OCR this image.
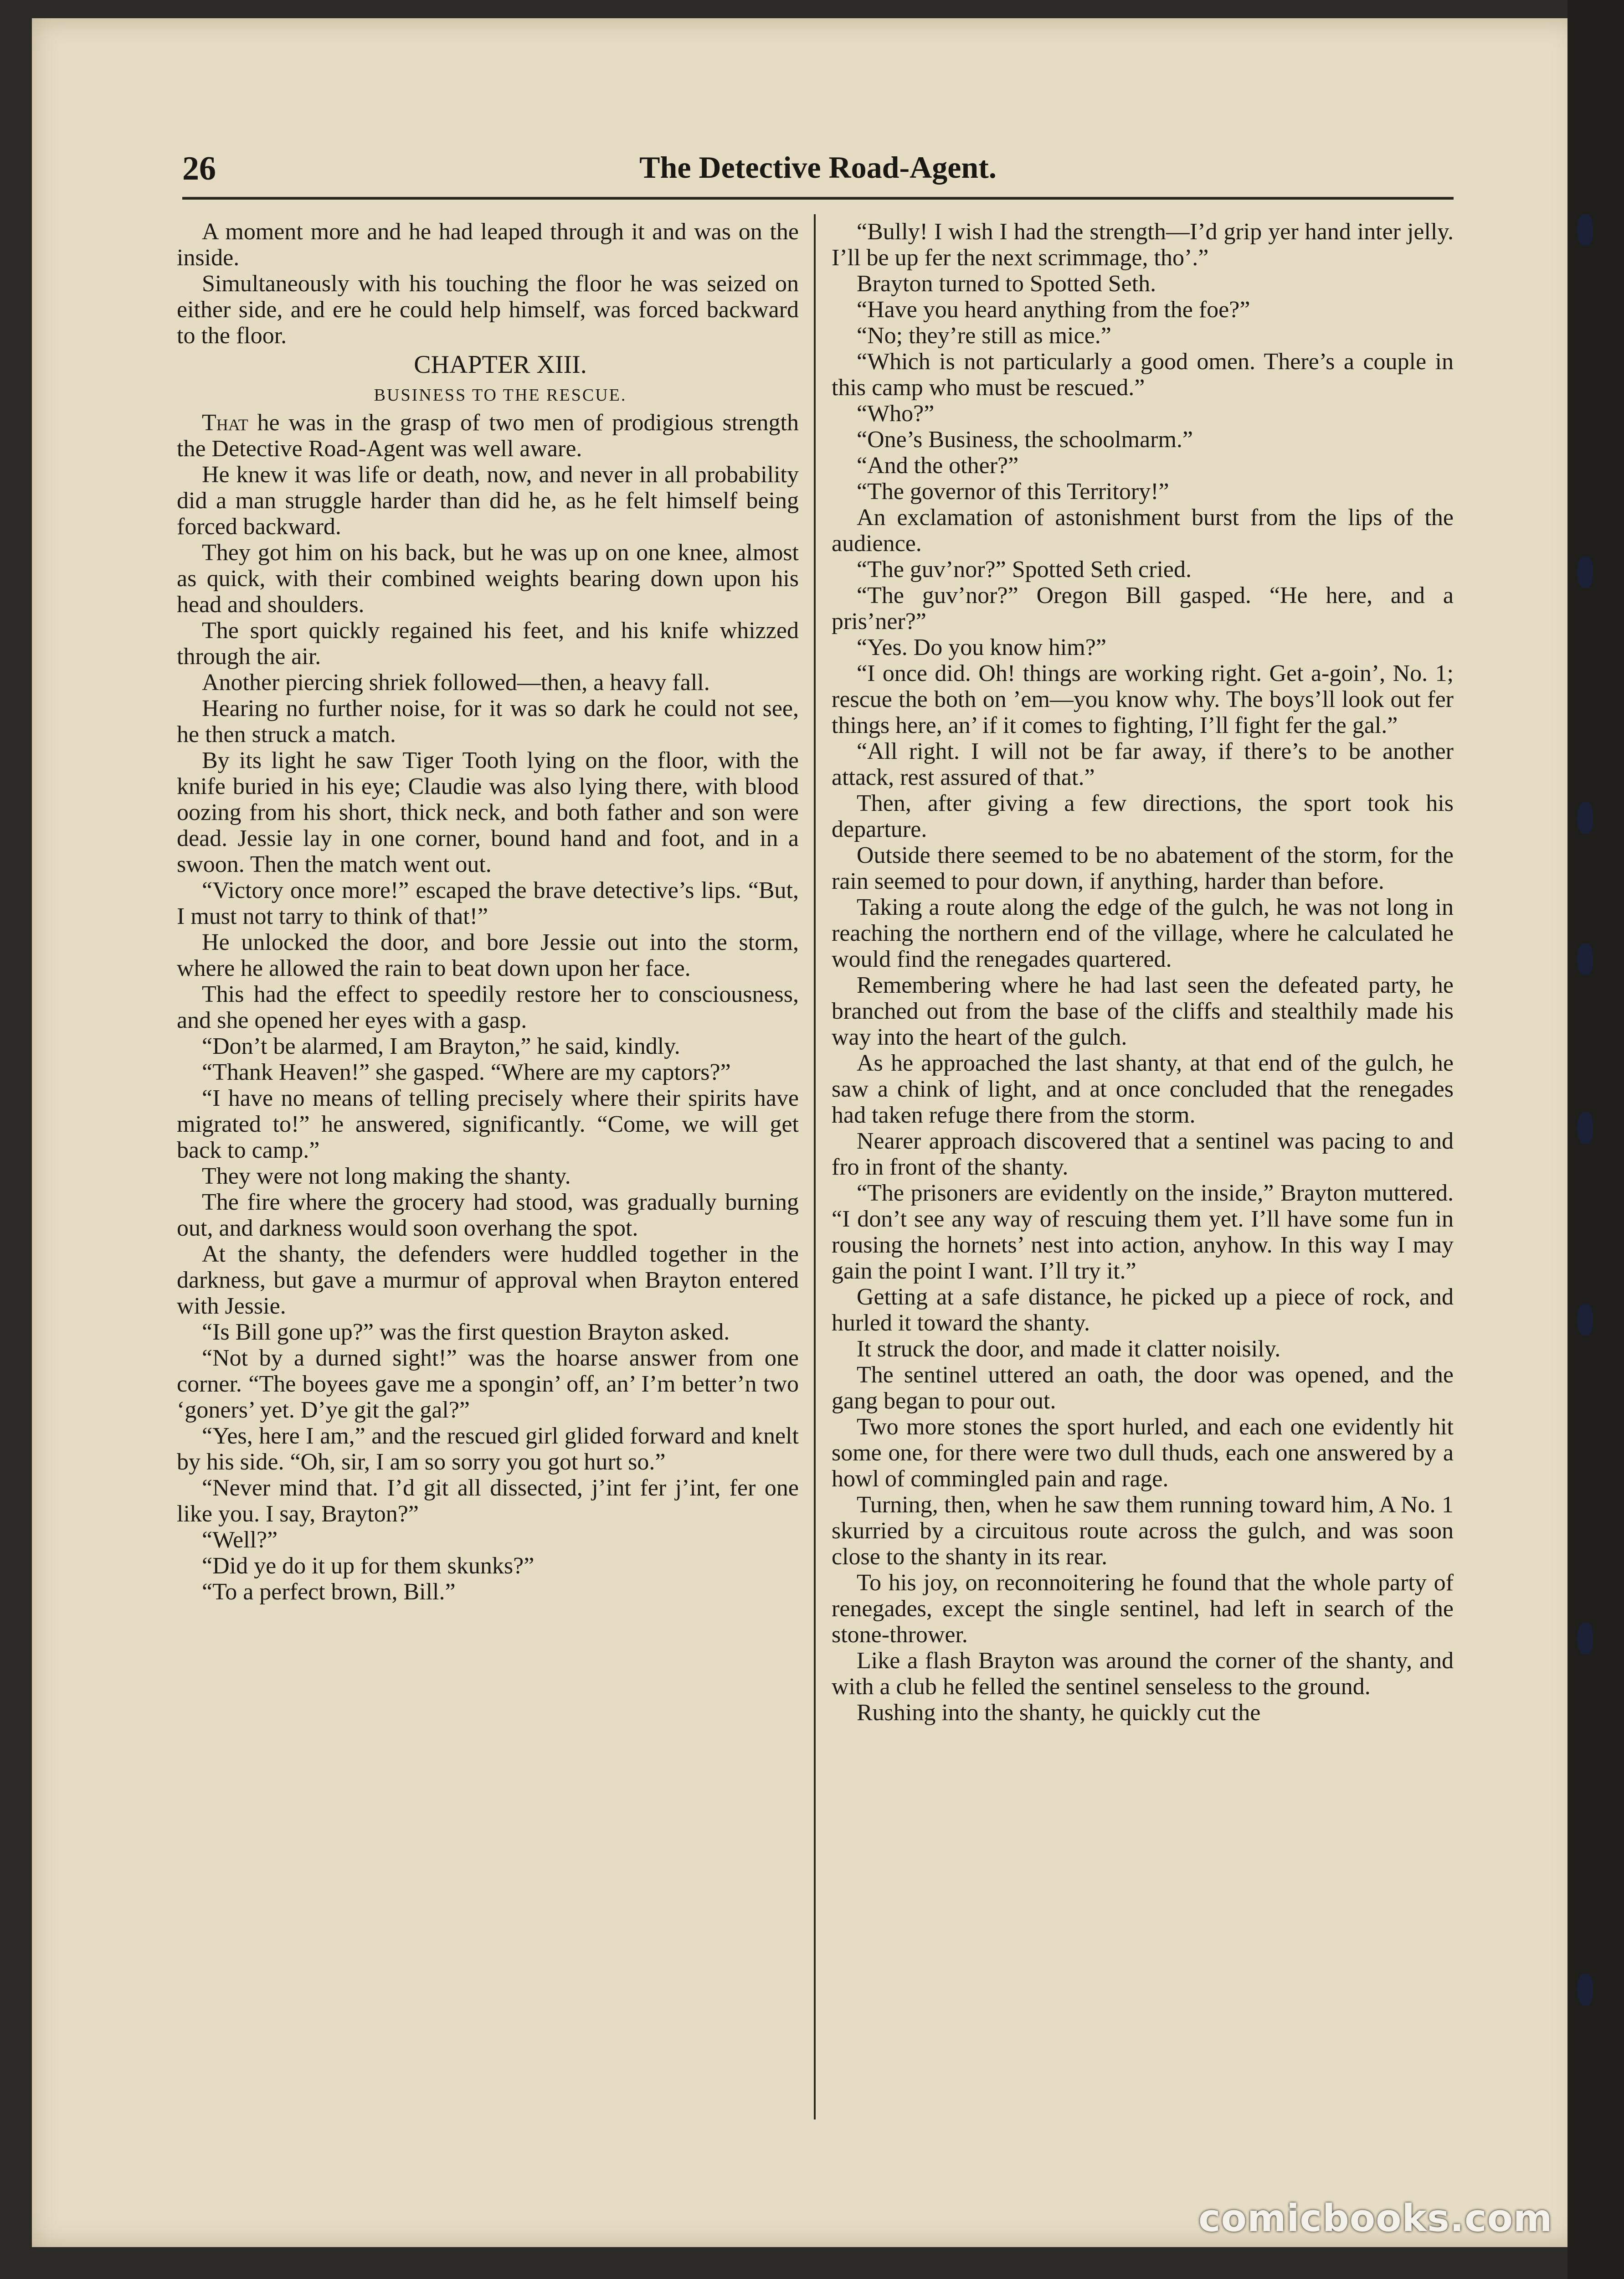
26	The Detective Road-Agent.

A moment more and he had leaped through it and was on the inside.

Simultaneously with his touching the floor he was seized on either side, and ere he could help himself, was forced backward to the floor.

CHAPTER XIII.

BUSINESS TO THE RESCUE.

That he was in the grasp of two men of prodigious strength the Detective Road-Agent was well aware.

He knew it was life or death, now, and never in all probability did a man struggle harder than did he, as he felt himself being forced backward.

They got him on his back, but he was up on one knee, almost as quick, with their combined weights bearing down upon his head and shoulders.

The sport quickly regained his feet, and his knife whizzed through the air.

Another piercing shriek followed—then, a heavy fall.

Hearing no further noise, for it was so dark he could not see, he then struck a match.

By its light he saw Tiger Tooth lying on the floor, with the knife buried in his eye; Claudie was also lying there, with blood oozing from his short, thick neck, and both father and son were dead. Jessie lay in one corner, bound hand and foot, and in a swoon. Then the match went out.

“Victory once more!” escaped the brave detective’s lips. “But, I must not tarry to think of that!”

He unlocked the door, and bore Jessie out into the storm, where he allowed the rain to beat down upon her face.

This had the effect to speedily restore her to consciousness, and she opened her eyes with a gasp.

“Don’t be alarmed, I am Brayton,” he said, kindly.

“Thank Heaven!” she gasped. “Where are my captors?”

“I have no means of telling precisely where their spirits have migrated to!” he answered, significantly. “Come, we will get back to camp.”

They were not long making the shanty.

The fire where the grocery had stood, was gradually burning out, and darkness would soon overhang the spot.

At the shanty, the defenders were huddled together in the darkness, but gave a murmur of approval when Brayton entered with Jessie.

“Is Bill gone up?” was the first question Brayton asked.

“Not by a durned sight!” was the hoarse answer from one corner. “The boyees gave me a spongin’ off, an’ I’m better’n two ‘goners’ yet. D’ye git the gal?”

“Yes, here I am,” and the rescued girl glided forward and knelt by his side. “Oh, sir, I am so sorry you got hurt so.”

“Never mind that. I’d git all dissected, j’int fer j’int, fer one like you. I say, Brayton?”

“Well?”

“Did ye do it up for them skunks?”

“To a perfect brown, Bill.”

“Bully! I wish I had the strength—I’d grip yer hand inter jelly. I’ll be up fer the next scrimmage, tho’.”

Brayton turned to Spotted Seth.

“Have you heard anything from the foe?”

“No; they’re still as mice.”

“Which is not particularly a good omen. There’s a couple in this camp who must be rescued.”

“Who?”

“One’s Business, the schoolmarm.”

“And the other?”

“The governor of this Territory!”

An exclamation of astonishment burst from the lips of the audience.

“The guv’nor?” Spotted Seth cried.

“The guv’nor?” Oregon Bill gasped. “He here, and a pris’ner?”

“Yes. Do you know him?”

“I once did. Oh! things are working right. Get a-goin’, No. 1; rescue the both on ’em—you know why. The boys’ll look out fer things here, an’ if it comes to fighting, I’ll fight fer the gal.”

“All right. I will not be far away, if there’s to be another attack, rest assured of that.”

Then, after giving a few directions, the sport took his departure.

Outside there seemed to be no abatement of the storm, for the rain seemed to pour down, if anything, harder than before.

Taking a route along the edge of the gulch, he was not long in reaching the northern end of the village, where he calculated he would find the renegades quartered.

Remembering where he had last seen the defeated party, he branched out from the base of the cliffs and stealthily made his way into the heart of the gulch.

As he approached the last shanty, at that end of the gulch, he saw a chink of light, and at once concluded that the renegades had taken refuge there from the storm.

Nearer approach discovered that a sentinel was pacing to and fro in front of the shanty.

“The prisoners are evidently on the inside,” Brayton muttered. “I don’t see any way of rescuing them yet. I’ll have some fun in rousing the hornets’ nest into action, anyhow. In this way I may gain the point I want. I’ll try it.”

Getting at a safe distance, he picked up a piece of rock, and hurled it toward the shanty.

It struck the door, and made it clatter noisily.

The sentinel uttered an oath, the door was opened, and the gang began to pour out.

Two more stones the sport hurled, and each one evidently hit some one, for there were two dull thuds, each one answered by a howl of commingled pain and rage.

Turning, then, when he saw them running toward him, A No. 1 skurried by a circuitous route across the gulch, and was soon close to the shanty in its rear.

To his joy, on reconnoitering he found that the whole party of renegades, except the single sentinel, had left in search of the stone-thrower.

Like a flash Brayton was around the corner of the shanty, and with a club he felled the sentinel senseless to the ground.

Rushing into the shanty, he quickly cut the

comicbooks.com
